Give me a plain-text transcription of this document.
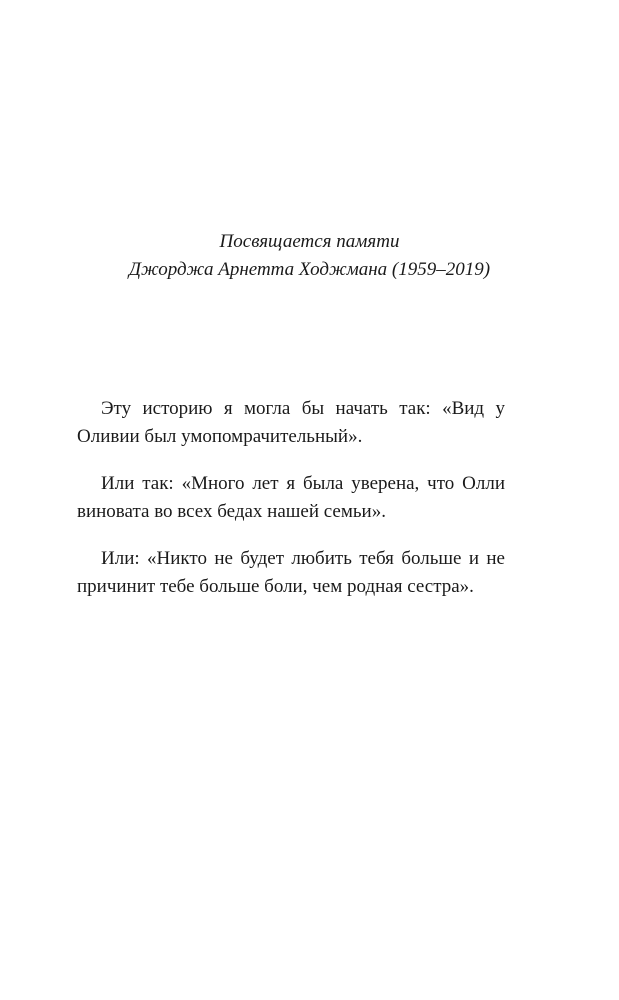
Посвящается памяти
Джорджа Арнетта Ходжмана (1959–2019)

Эту историю я могла бы начать так: «Вид у Оливии был умопомрачительный».

Или так: «Много лет я была уверена, что Олли виновата во всех бедах нашей семьи».

Или: «Никто не будет любить тебя больше и не причинит тебе больше боли, чем родная сестра».
